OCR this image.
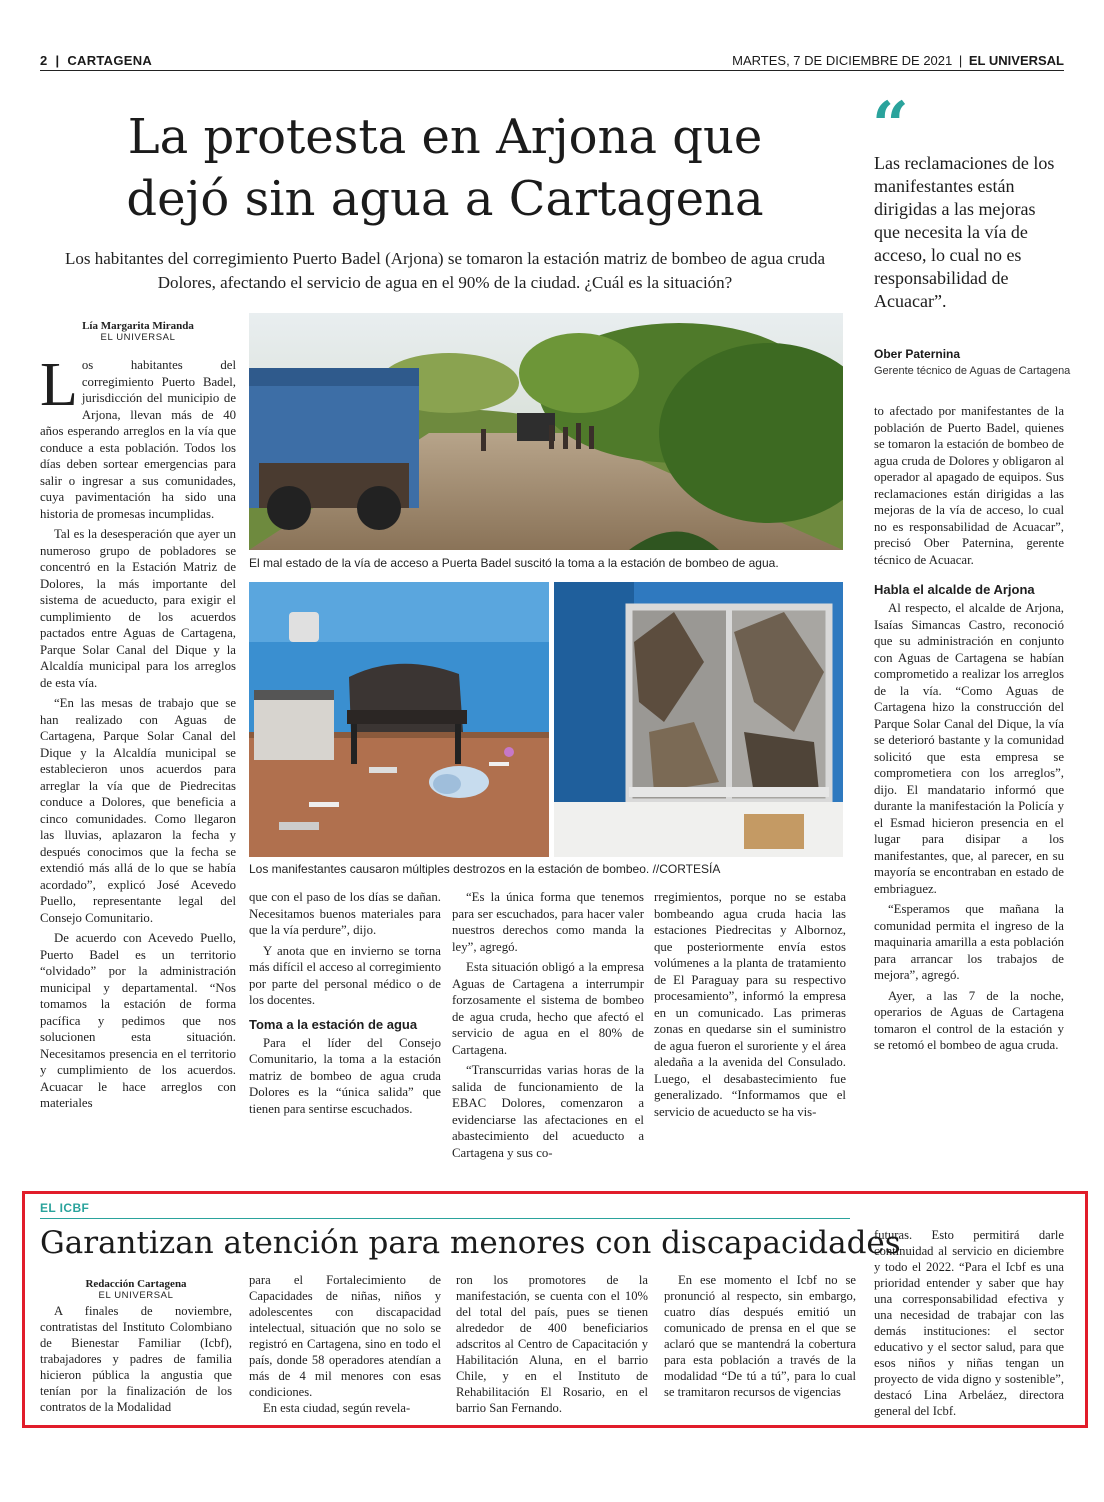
2 | CARTAGENA	MARTES, 7 DE DICIEMBRE DE 2021 | EL UNIVERSAL
La protesta en Arjona que
dejó sin agua a Cartagena
Los habitantes del corregimiento Puerto Badel (Arjona) se tomaron la estación matriz de bombeo de agua cruda Dolores, afectando el servicio de agua en el 90% de la ciudad. ¿Cuál es la situación?
“
Las reclamaciones de los manifestantes están dirigidas a las mejoras que necesita la vía de acceso, lo cual no es responsabilidad de Acuacar”.
Ober Paternina
Gerente técnico de Aguas de Cartagena
Lía Margarita Miranda
EL UNIVERSAL

Los habitantes del corregimiento Puerto Badel, jurisdicción del municipio de Arjona, llevan más de 40 años esperando arreglos en la vía que conduce a esta población. Todos los días deben sortear emergencias para salir o ingresar a sus comunidades, cuya pavimentación ha sido una historia de promesas incumplidas.

Tal es la desesperación que ayer un numeroso grupo de pobladores se concentró en la Estación Matriz de Dolores, la más importante del sistema de acueducto, para exigir el cumplimiento de los acuerdos pactados entre Aguas de Cartagena, Parque Solar Canal del Dique y la Alcaldía municipal para los arreglos de esta vía.

“En las mesas de trabajo que se han realizado con Aguas de Cartagena, Parque Solar Canal del Dique y la Alcaldía municipal se establecieron unos acuerdos para arreglar la vía que de Piedrecitas conduce a Dolores, que beneficia a cinco comunidades. Como llegaron las lluvias, aplazaron la fecha y después conocimos que la fecha se extendió más allá de lo que se había acordado”, explicó José Acevedo Puello, representante legal del Consejo Comunitario.

De acuerdo con Acevedo Puello, Puerto Badel es un territorio “olvidado” por la administración municipal y departamental. “Nos tomamos la estación de forma pacífica y pedimos que nos solucionen esta situación. Necesitamos presencia en el territorio y cumplimiento de los acuerdos. Acuacar le hace arreglos con materiales

El mal estado de la vía de acceso a Puerta Badel suscitó la toma a la estación de bombeo de agua.
Los manifestantes causaron múltiples destrozos en la estación de bombeo. //CORTESÍA

que con el paso de los días se dañan. Necesitamos buenos materiales para que la vía perdure”, dijo.

Y anota que en invierno se torna más difícil el acceso al corregimiento por parte del personal médico o de los docentes.

Toma a la estación de agua

Para el líder del Consejo Comunitario, la toma a la estación matriz de bombeo de agua cruda Dolores es la “única salida” que tienen para sentirse escuchados.

“Es la única forma que tenemos para ser escuchados, para hacer valer nuestros derechos como manda la ley”, agregó.

Esta situación obligó a la empresa Aguas de Cartagena a interrumpir forzosamente el sistema de bombeo de agua cruda, hecho que afectó el servicio de agua en el 80% de Cartagena.

“Transcurridas varias horas de la salida de funcionamiento de la EBAC Dolores, comenzaron a evidenciarse las afectaciones en el abastecimiento del acueducto a Cartagena y sus co-

rregimientos, porque no se estaba bombeando agua cruda hacia las estaciones Piedrecitas y Albornoz, que posteriormente envía estos volúmenes a la planta de tratamiento de El Paraguay para su respectivo procesamiento”, informó la empresa en un comunicado. Las primeras zonas en quedarse sin el suministro de agua fueron el suroriente y el área aledaña a la avenida del Consulado. Luego, el desabastecimiento fue generalizado. “Informamos que el servicio de acueducto se ha vis-

to afectado por manifestantes de la población de Puerto Badel, quienes se tomaron la estación de bombeo de agua cruda de Dolores y obligaron al operador al apagado de equipos. Sus reclamaciones están dirigidas a las mejoras de la vía de acceso, lo cual no es responsabilidad de Acuacar”, precisó Ober Paternina, gerente técnico de Acuacar.

Habla el alcalde de Arjona

Al respecto, el alcalde de Arjona, Isaías Simancas Castro, reconoció que su administración en conjunto con Aguas de Cartagena se habían comprometido a realizar los arreglos de la vía. “Como Aguas de Cartagena hizo la construcción del Parque Solar Canal del Dique, la vía se deterioró bastante y la comunidad solicitó que esta empresa se comprometiera con los arreglos”, dijo. El mandatario informó que durante la manifestación la Policía y el Esmad hicieron presencia en el lugar para disipar a los manifestantes, que, al parecer, en su mayoría se encontraban en estado de embriaguez.

“Esperamos que mañana la comunidad permita el ingreso de la maquinaria amarilla a esta población para arrancar los trabajos de mejora”, agregó.

Ayer, a las 7 de la noche, operarios de Aguas de Cartagena tomaron el control de la estación y se retomó el bombeo de agua cruda.

EL ICBF
Garantizan atención para menores con discapacidades
Redacción Cartagena
EL UNIVERSAL

A finales de noviembre, contratistas del Instituto Colombiano de Bienestar Familiar (Icbf), trabajadores y padres de familia hicieron pública la angustia que tenían por la finalización de los contratos de la Modalidad

para el Fortalecimiento de Capacidades de niñas, niños y adolescentes con discapacidad intelectual, situación que no solo se registró en Cartagena, sino en todo el país, donde 58 operadores atendían a más de 4 mil menores con esas condiciones.

En esta ciudad, según revela-

ron los promotores de la manifestación, se cuenta con el 10% del total del país, pues se tienen alrededor de 400 beneficiarios adscritos al Centro de Capacitación y Habilitación Aluna, en el barrio Chile, y en el Instituto de Rehabilitación El Rosario, en el barrio San Fernando.

En ese momento el Icbf no se pronunció al respecto, sin embargo, cuatro días después emitió un comunicado de prensa en el que se aclaró que se mantendrá la cobertura para esta población a través de la modalidad “De tú a tú”, para lo cual se tramitaron recursos de vigencias

futuras. Esto permitirá darle continuidad al servicio en diciembre y todo el 2022. “Para el Icbf es una prioridad entender y saber que hay una corresponsabilidad efectiva y una necesidad de trabajar con las demás instituciones: el sector educativo y el sector salud, para que esos niños y niñas tengan un proyecto de vida digno y sostenible”, destacó Lina Arbeláez, directora general del Icbf.
